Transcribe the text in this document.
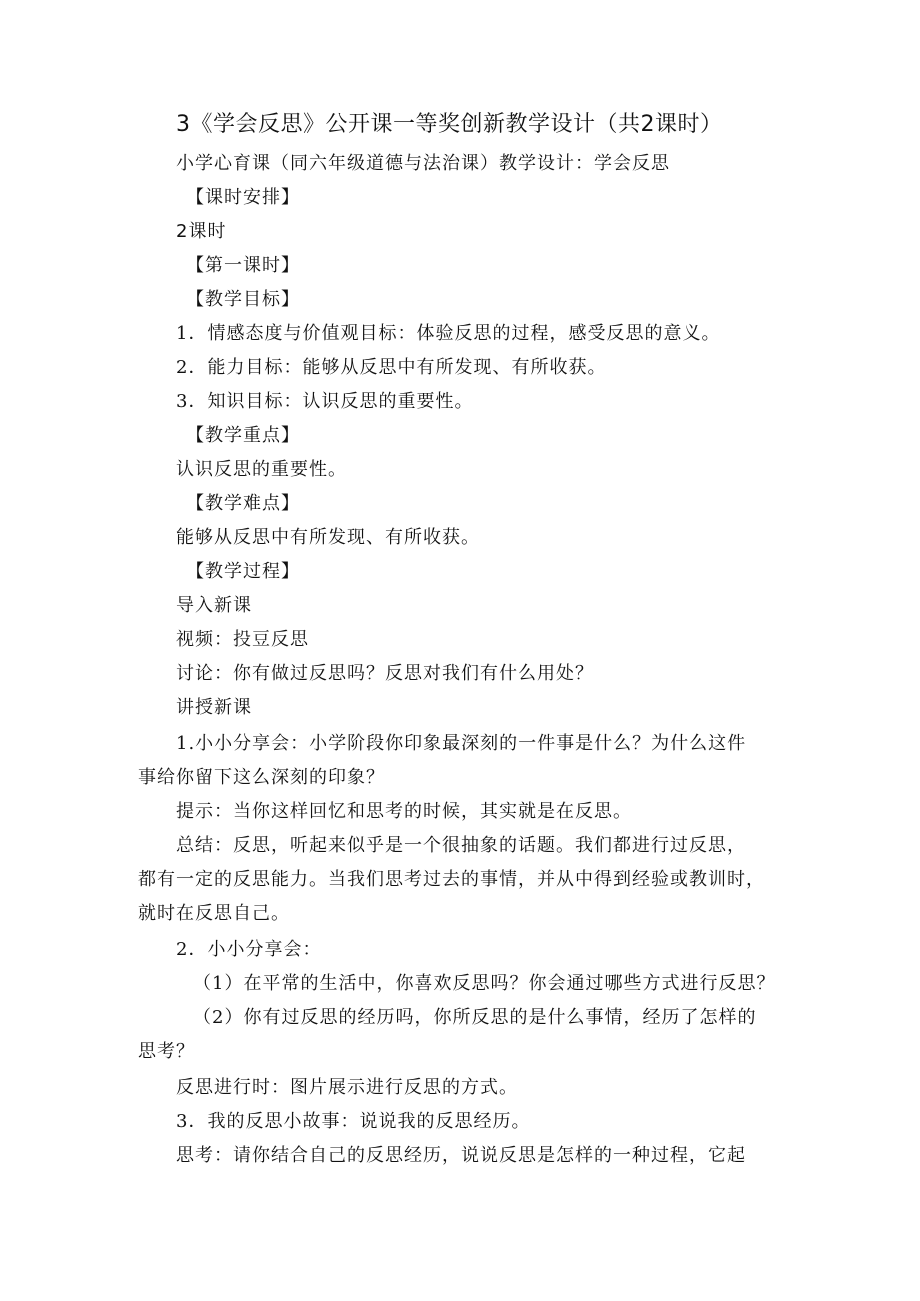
3《学会反思》公开课一等奖创新教学设计（共2课时）
小学心育课（同六年级道德与法治课）教学设计：学会反思
【课时安排】
2课时
【第一课时】
【教学目标】
1．情感态度与价值观目标：体验反思的过程，感受反思的意义。
2．能力目标：能够从反思中有所发现、有所收获。
3．知识目标：认识反思的重要性。
【教学重点】
认识反思的重要性。
【教学难点】
能够从反思中有所发现、有所收获。
【教学过程】
导入新课
视频：投豆反思
讨论：你有做过反思吗？反思对我们有什么用处？
讲授新课
1.小小分享会：小学阶段你印象最深刻的一件事是什么？为什么这件
事给你留下这么深刻的印象？
提示：当你这样回忆和思考的时候，其实就是在反思。
总结：反思，听起来似乎是一个很抽象的话题。我们都进行过反思，
都有一定的反思能力。当我们思考过去的事情，并从中得到经验或教训时，
就时在反思自己。
2．小小分享会：
（1）在平常的生活中，你喜欢反思吗？你会通过哪些方式进行反思？
（2）你有过反思的经历吗，你所反思的是什么事情，经历了怎样的
思考？
反思进行时：图片展示进行反思的方式。
3．我的反思小故事：说说我的反思经历。
思考：请你结合自己的反思经历，说说反思是怎样的一种过程，它起
